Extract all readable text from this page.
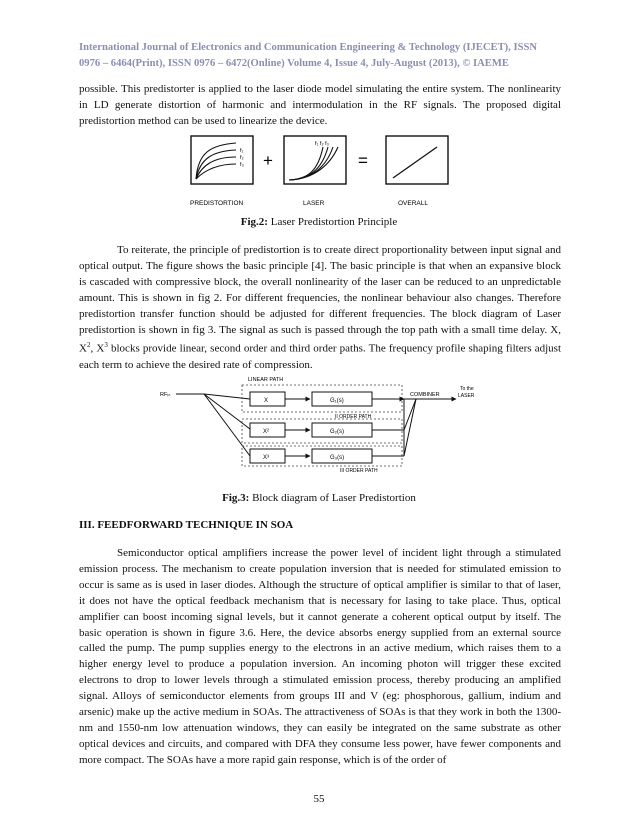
International Journal of Electronics and Communication Engineering & Technology (IJECET), ISSN
0976 – 6464(Print), ISSN 0976 – 6472(Online) Volume 4, Issue 4, July-August (2013), © IAEME

possible. This predistorter is applied to the laser diode model simulating the entire system. The nonlinearity in LD generate distortion of harmonic and intermodulation in the RF signals. The proposed digital predistortion method can be used to linearize the device.

f₁
f₂
f₃ +
f₁ f₂ f₃
=
PREDISTORTION	LASER	OVERALL
Fig.2: Laser Predistortion Principle

To reiterate, the principle of predistortion is to create direct proportionality between input signal and optical output. The figure shows the basic principle [4]. The basic principle is that when an expansive block is cascaded with compressive block, the overall nonlinearity of the laser can be reduced to an unpredictable amount. This is shown in fig 2. For different frequencies, the nonlinear behaviour also changes. Therefore predistortion transfer function should be adjusted for different frequencies. The block diagram of Laser predistortion is shown in fig 3. The signal as such is passed through the top path with a small time delay. X, $X^2$, $X^3$ blocks provide linear, second order and third order paths. The frequency profile shaping filters adjust each term to achieve the desired rate of compression.

RFᵢₙ
LINEAR PATH
X	G₁(s)
II ORDER PATH
X²	G₂(s)
X³	G₃(s)
III ORDER PATH
COMBINER
To the
LASER
Fig.3: Block diagram of Laser Predistortion

III. FEEDFORWARD TECHNIQUE IN SOA

Semiconductor optical amplifiers increase the power level of incident light through a stimulated emission process. The mechanism to create population inversion that is needed for stimulated emission to occur is same as is used in laser diodes. Although the structure of optical amplifier is similar to that of laser, it does not have the optical feedback mechanism that is necessary for lasing to take place. Thus, optical amplifier can boost incoming signal levels, but it cannot generate a coherent optical output by itself. The basic operation is shown in figure 3.6. Here, the device absorbs energy supplied from an external source called the pump. The pump supplies energy to the electrons in an active medium, which raises them to a higher energy level to produce a population inversion. An incoming photon will trigger these excited electrons to drop to lower levels through a stimulated emission process, thereby producing an amplified signal. Alloys of semiconductor elements from groups III and V (eg: phosphorous, gallium, indium and arsenic) make up the active medium in SOAs. The attractiveness of SOAs is that they work in both the 1300-nm and 1550-nm low attenuation windows, they can easily be integrated on the same substrate as other optical devices and circuits, and compared with DFA they consume less power, have fewer components and more compact. The SOAs have a more rapid gain response, which is of the order of

55
